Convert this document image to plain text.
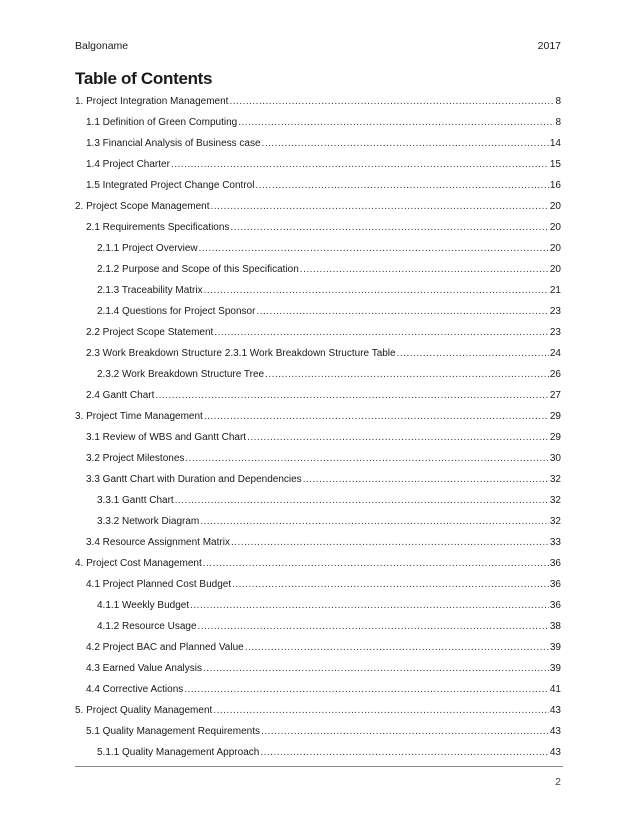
Balgoname	2017
Table of Contents
1. Project Integration Management .....	8
1.1 Definition of Green Computing .....	8
1.3 Financial Analysis of Business case .....	14
1.4 Project Charter .....	15
1.5 Integrated Project Change Control .....	16
2. Project Scope Management .....	20
2.1 Requirements Specifications .....	20
2.1.1 Project Overview .....	20
2.1.2 Purpose and Scope of this Specification .....	20
2.1.3 Traceability Matrix .....	21
2.1.4 Questions for Project Sponsor .....	23
2.2 Project Scope Statement .....	23
2.3 Work Breakdown Structure 2.3.1 Work Breakdown Structure Table .....	24
2.3.2 Work Breakdown Structure Tree .....	26
2.4 Gantt Chart .....	27
3. Project Time Management .....	29
3.1 Review of WBS and Gantt Chart .....	29
3.2 Project Milestones .....	30
3.3 Gantt Chart with Duration and Dependencies .....	32
3.3.1 Gantt Chart .....	32
3.3.2 Network Diagram .....	32
3.4 Resource Assignment Matrix .....	33
4. Project Cost Management .....	36
4.1 Project Planned Cost Budget .....	36
4.1.1 Weekly Budget .....	36
4.1.2 Resource Usage .....	38
4.2 Project BAC and Planned Value .....	39
4.3 Earned Value Analysis .....	39
4.4 Corrective Actions .....	41
5. Project Quality Management .....	43
5.1 Quality Management Requirements .....	43
5.1.1 Quality Management Approach .....	43
2
